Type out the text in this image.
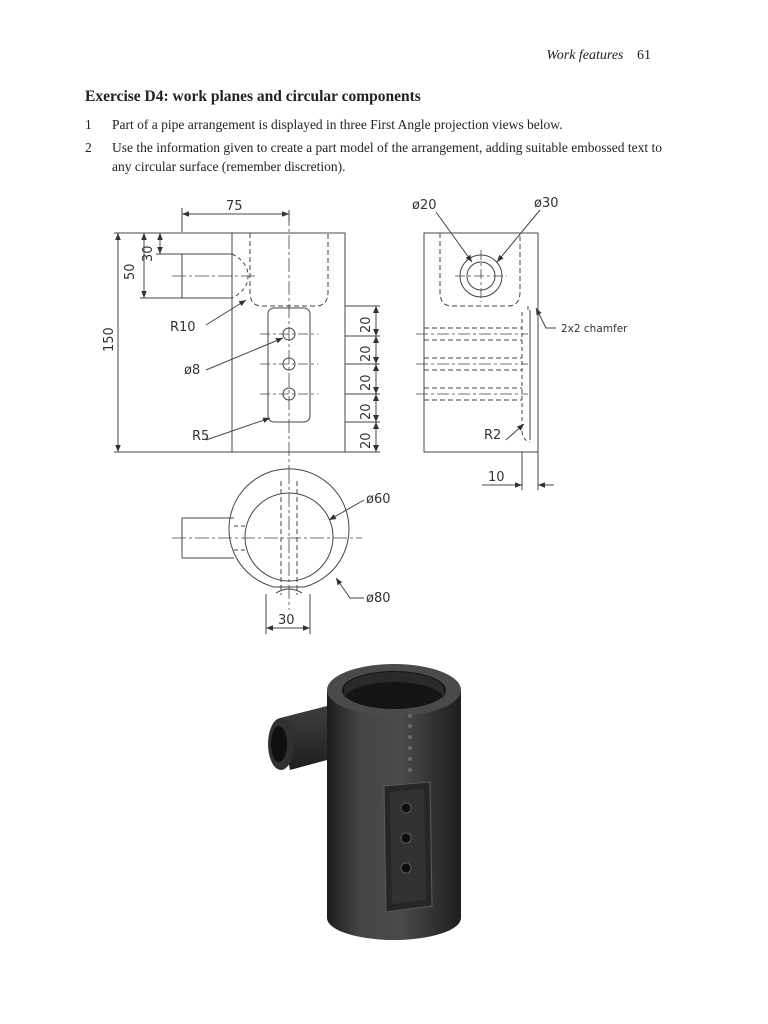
Work features 61
Exercise D4: work planes and circular components
1 Part of a pipe arrangement is displayed in three First Angle projection views below.
2 Use the information given to create a part model of the arrangement, adding suitable embossed text to any circular surface (remember discretion).
75
150
50
30
R10
ø8
R5
20
20
20
20
20
ø20	ø30
2x2 chamfer
R2
10
ø60
ø80
30
